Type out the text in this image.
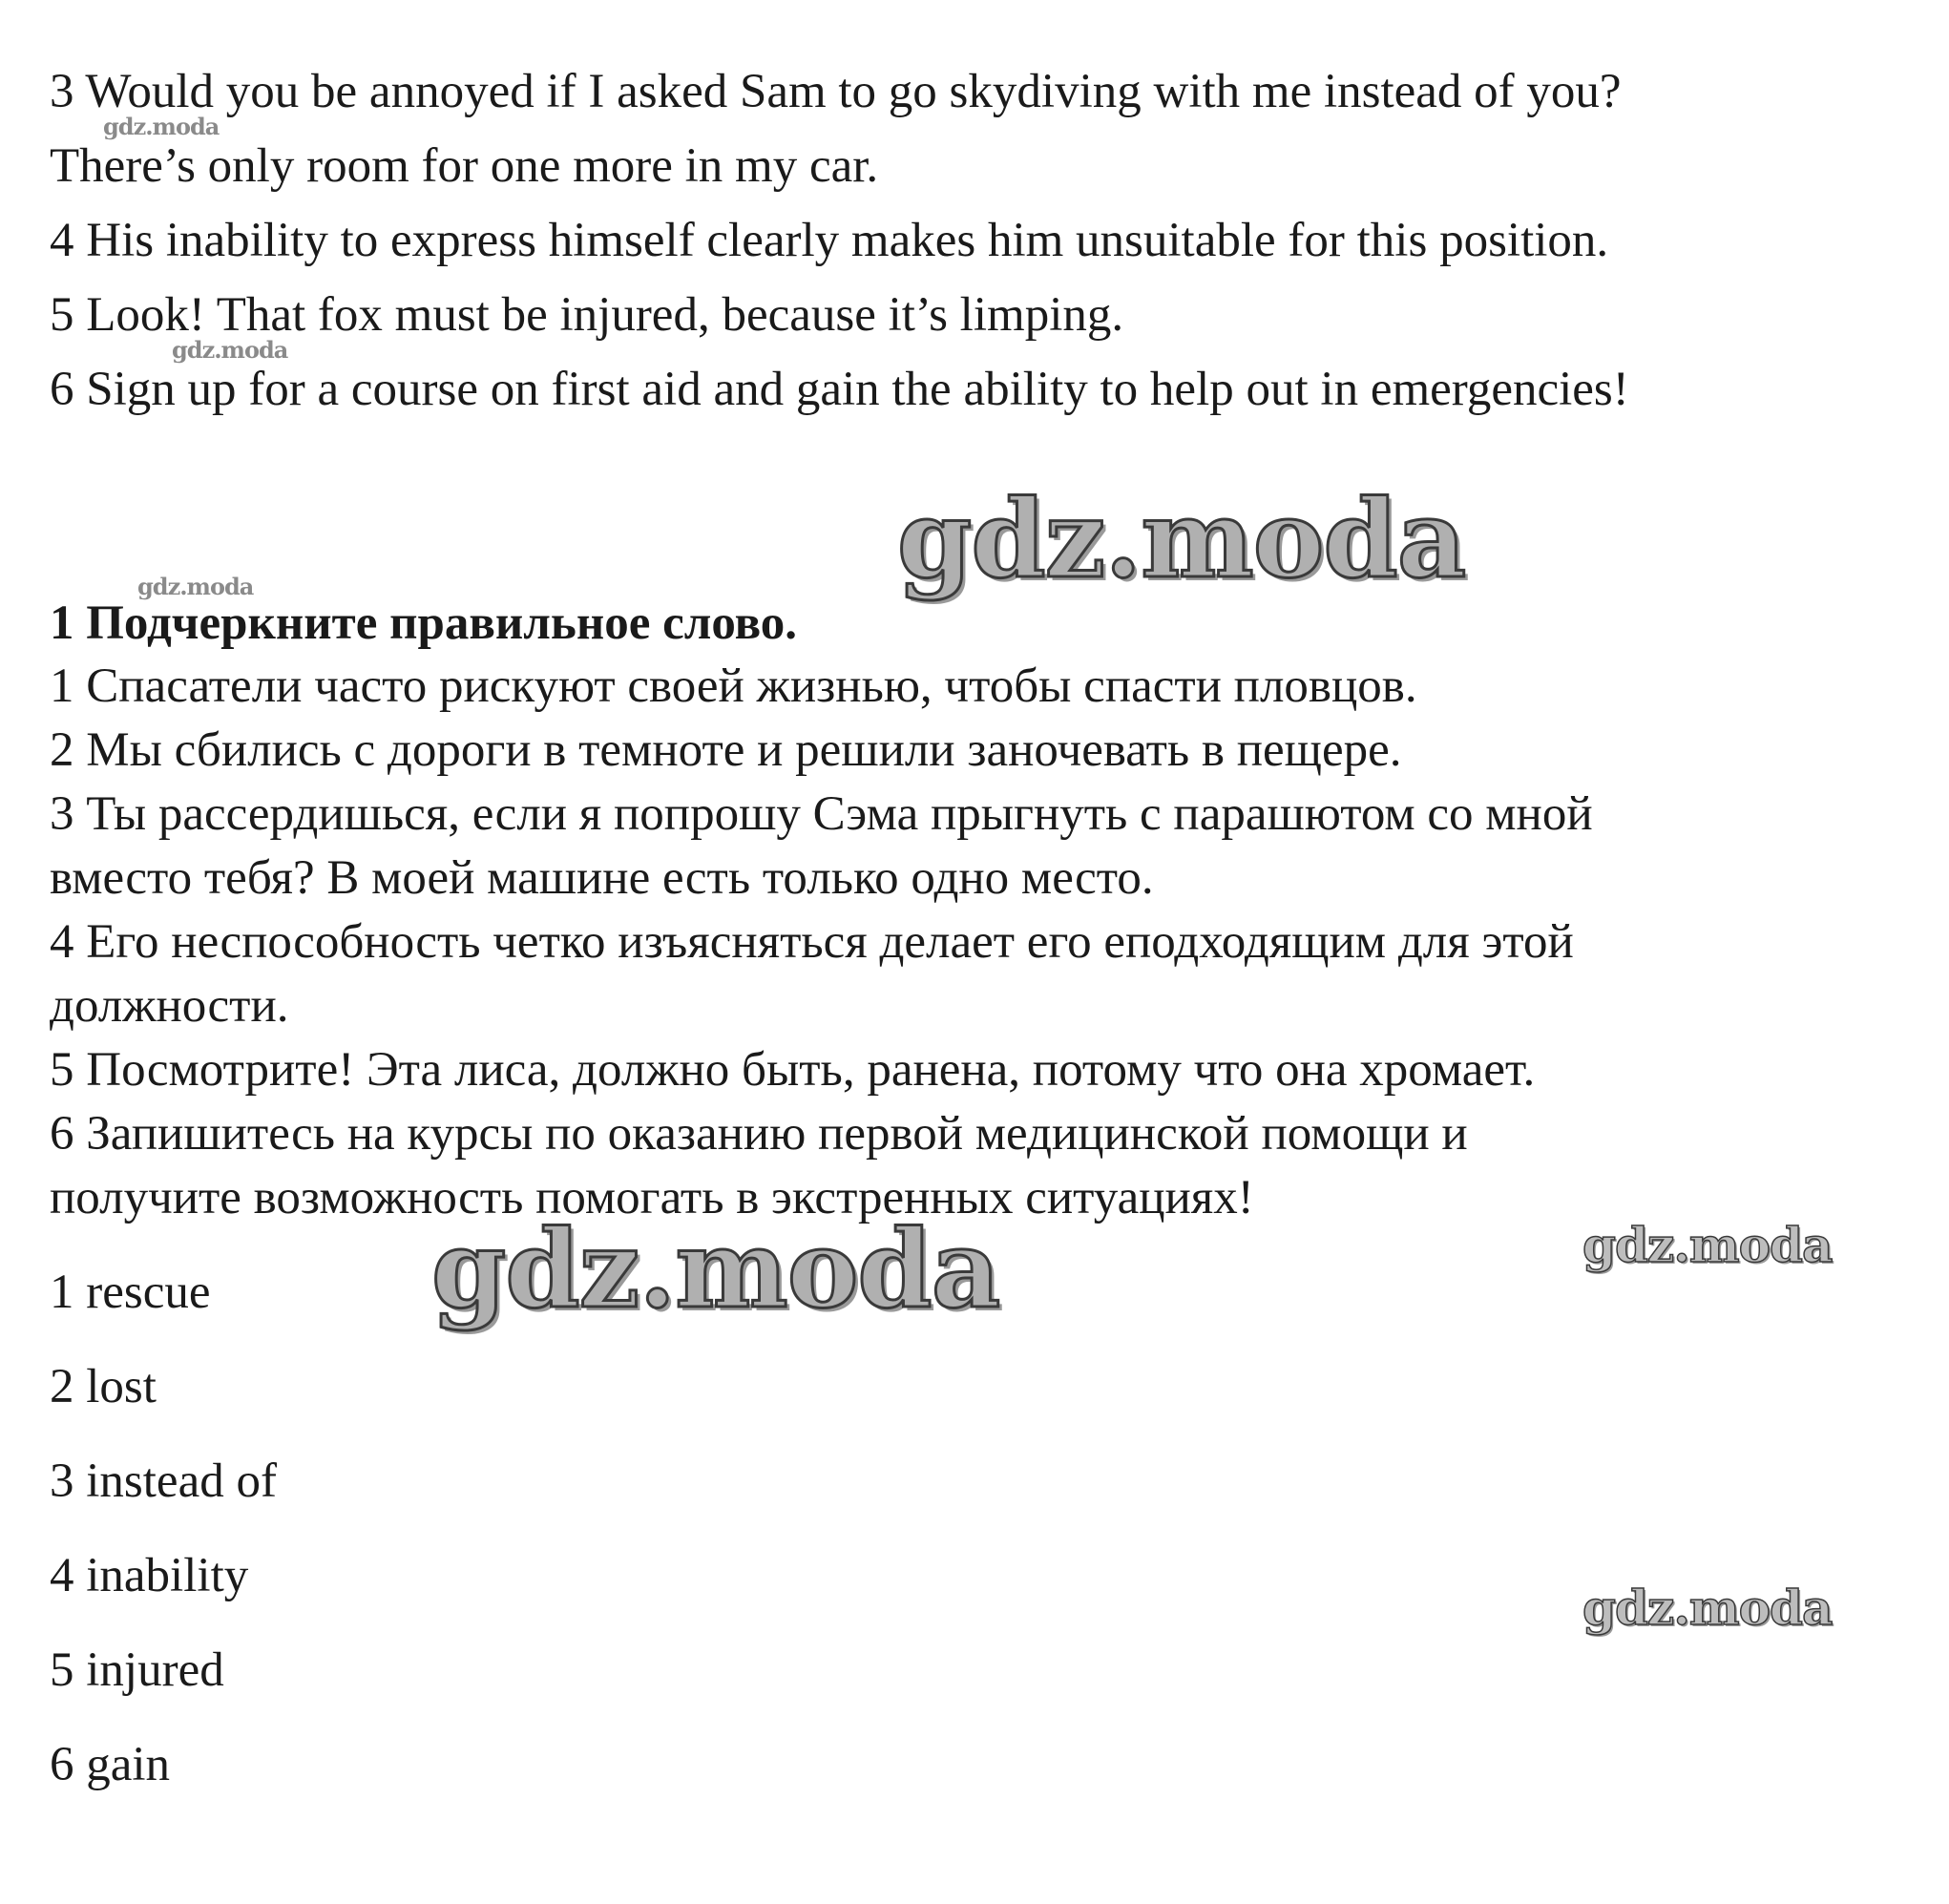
3 Would you be annoyed if I asked Sam to go skydiving with me instead of you?

There’s only room for one more in my car.

4 His inability to express himself clearly makes him unsuitable for this position.

5 Look! That fox must be injured, because it’s limping.

6 Sign up for a course on first aid and gain the ability to help out in emergencies!

1 Подчеркните правильное слово.

1 Спасатели часто рискуют своей жизнью, чтобы спасти пловцов.

2 Мы сбились с дороги в темноте и решили заночевать в пещере.

3 Ты рассердишься, если я попрошу Сэма прыгнуть с парашютом со мной

вместо тебя? В моей машине есть только одно место.

4 Его неспособность четко изъясняться делает его еподходящим для этой

должности.

5 Посмотрите! Эта лиса, должно быть, ранена, потому что она хромает.

6 Запишитесь на курсы по оказанию первой медицинской помощи и

получите возможность помогать в экстренных ситуациях!

1 rescue

2 lost

3 instead of

4 inability

5 injured

6 gain

gdz.moda
gdz.moda
gdz.moda	gdz.moda
gdz.moda	gdz.moda
gdz.moda
